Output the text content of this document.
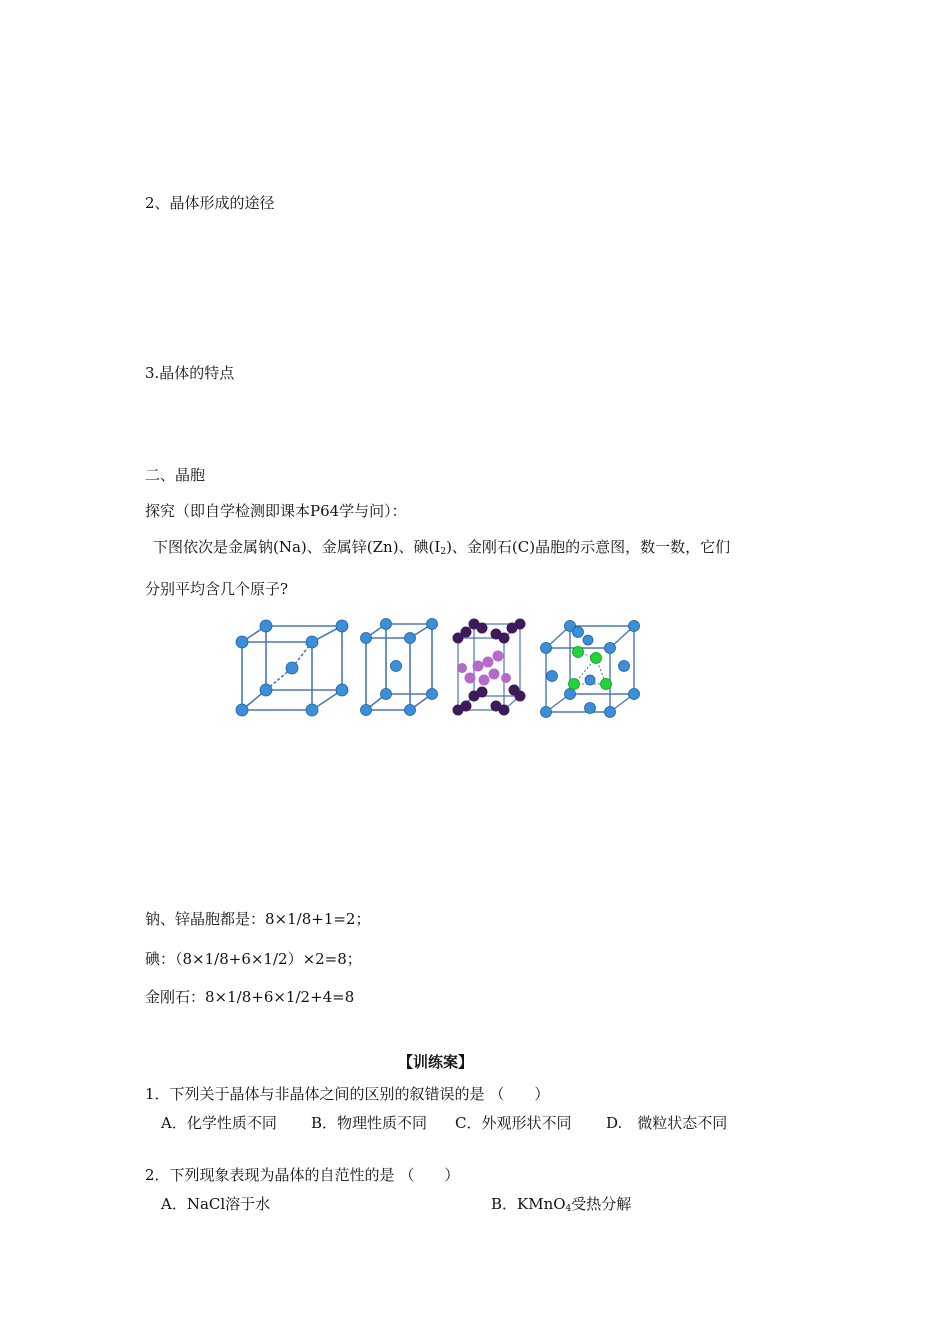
2、晶体形成的途径
3.晶体的特点
二、晶胞
探究（即自学检测即课本P64学与问）：
下图依次是金属钠(Na)、金属锌(Zn)、碘$(I_2)$、金刚石(C)晶胞的示意图，数一数，它们
分别平均含几个原子?
钠、锌晶胞都是：8×1/8+1=2；
碘：（8×1/8+6×1/2）×2=8；
金刚石：8×1/8+6×1/2+4=8
【训练案】
1．下列关于晶体与非晶体之间的区别的叙错误的是 （　　）
A．化学性质不同 B．物理性质不同 C．外观形状不同 D.　微粒状态不同
2．下列现象表现为晶体的自范性的是 （　　）
A．NaCl溶于水	B．KMnO$_4$受热分解
